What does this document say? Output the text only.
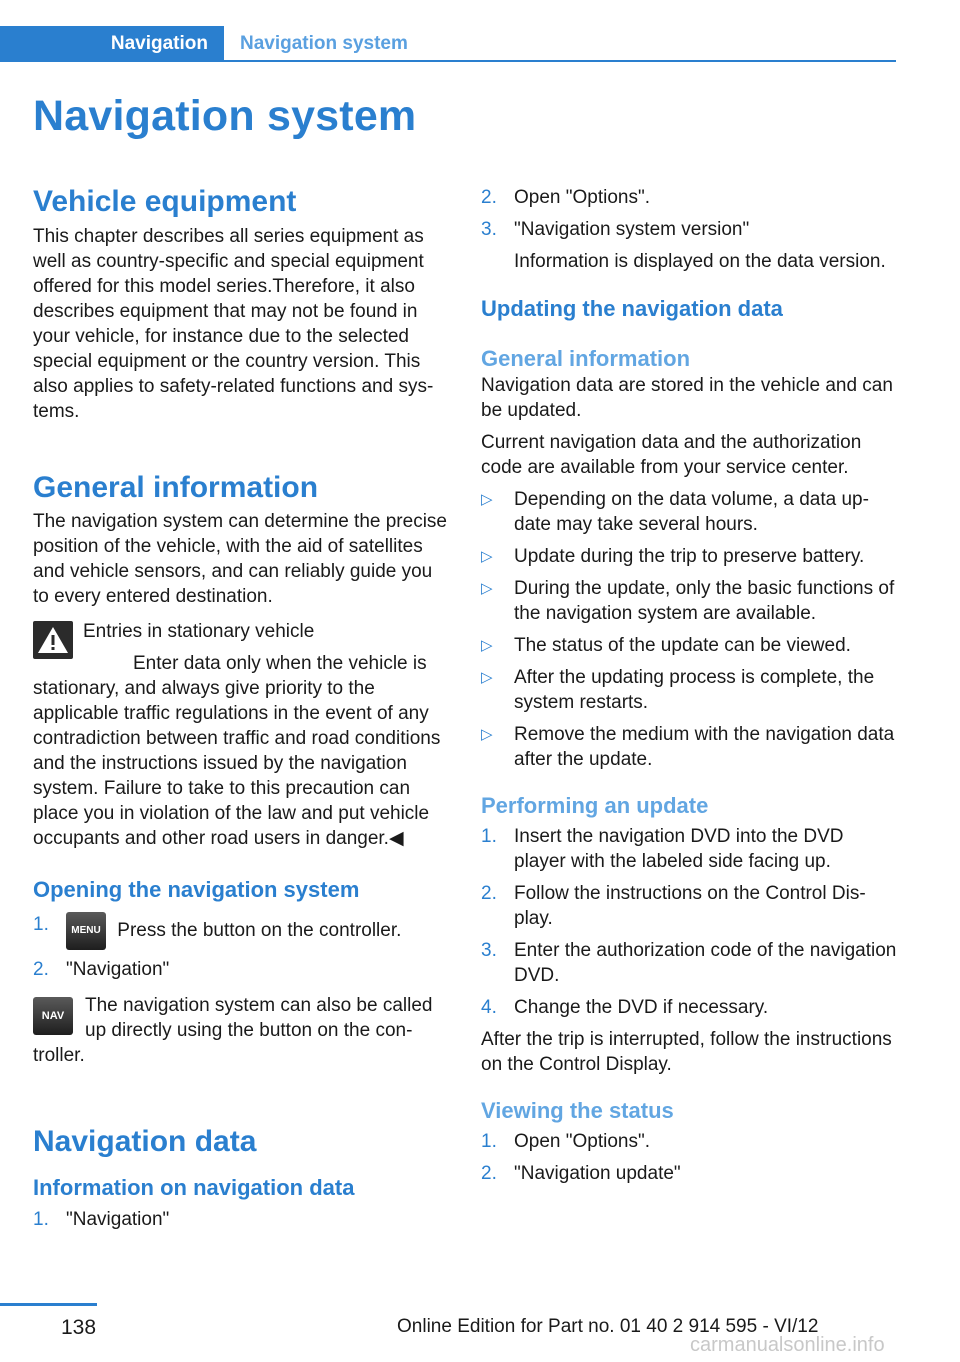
Navigation	Navigation system
Navigation system
Vehicle equipment

This chapter describes all series equipment as well as country-specific and special equipment offered for this model series.Therefore, it also describes equipment that may not be found in your vehicle, for instance due to the selected special equipment or the country version. This also applies to safety-related functions and systems.

General information

The navigation system can determine the precise position of the vehicle, with the aid of satellites and vehicle sensors, and can reliably guide you to every entered destination.

Entries in stationary vehicle

Enter data only when the vehicle is stationary, and always give priority to the applicable traffic regulations in the event of any contradiction between traffic and road conditions and the instructions issued by the navigation system. Failure to take to this precaution can place you in violation of the law and put vehicle occupants and other road users in danger.◀

Opening the navigation system
1.	MENU Press the button on the controller.
2. "Navigation"
NAV	The navigation system can also be called up directly using the button on the controller.

Navigation data
Information on navigation data
1. "Navigation"
2. Open "Options".
3. "Navigation system version"

Information is displayed on the data version.

Updating the navigation data
General information

Navigation data are stored in the vehicle and can be updated.

Current navigation data and the authorization code are available from your service center.

▷	Depending on the data volume, a data update may take several hours.
▷	Update during the trip to preserve battery.
▷	During the update, only the basic functions of the navigation system are available.
▷	The status of the update can be viewed.
▷	After the updating process is complete, the system restarts.
▷	Remove the medium with the navigation data after the update.
Performing an update
1. Insert the navigation DVD into the DVD player with the labeled side facing up.
2. Follow the instructions on the Control Display.
3. Enter the authorization code of the navigation DVD.
4. Change the DVD if necessary.

After the trip is interrupted, follow the instructions on the Control Display.

Viewing the status
1. Open "Options".
2. "Navigation update"
138	Online Edition for Part no. 01 40 2 914 595 - VI/12
carmanualsonline.info
